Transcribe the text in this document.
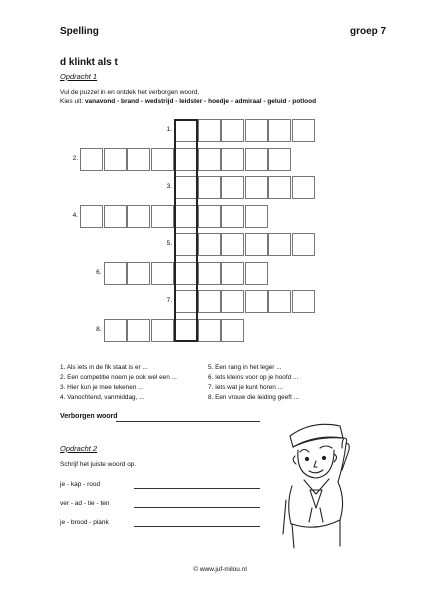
Spelling	groep 7
d klinkt als t
Opdracht 1
Vul de puzzel in en ontdek het verborgen woord.
Kies uit: vanavond - brand - wedstrijd - leidster - hoedje - admiraal - geluid - potlood
1.
2.
3.
4.
5.
6.
7.
8.
1. Als iets in de fik staat is er ...
2. Een competitie noem je ook wel een ...
3. Hier kun je mee tekenen ...
4. Vanochtend, vanmiddag, ...
5. Een rang in het leger ...
6. Iets kleins voor op je hoofd ...
7. Iets wat je kunt horen ...
8. Een vrouw die leiding geeft ...
Verborgen woord
Opdracht 2
Schrijf het juiste woord op.
je - kap - rood
ver - ad - tie - ten
je - brood - plank
© www.juf-milou.nl
